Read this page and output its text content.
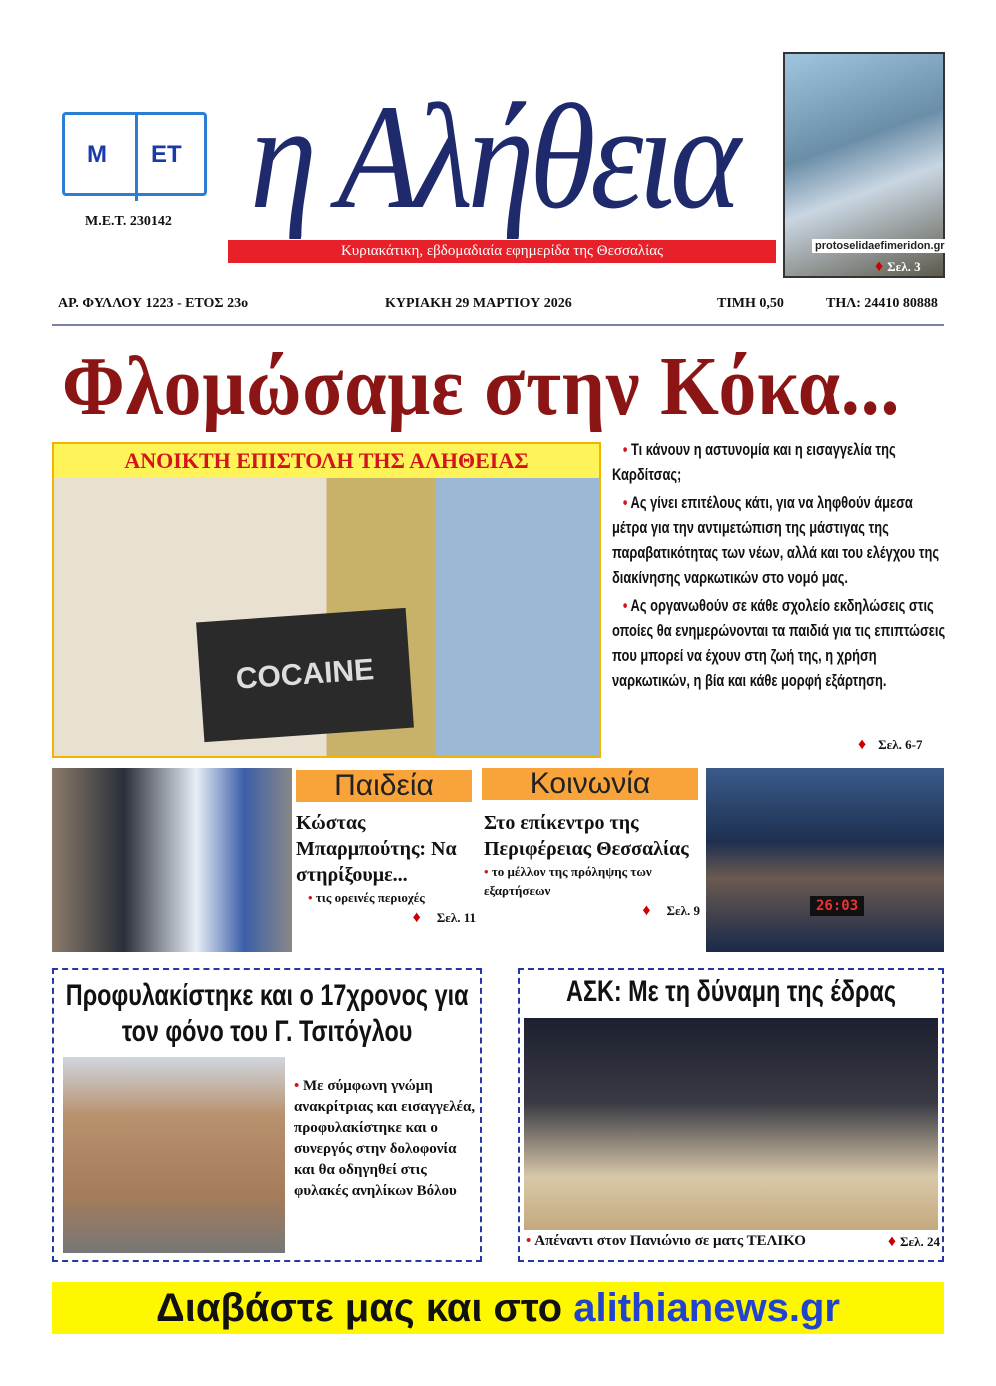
Μ ΕΤ
Μ.Ε.Τ. 230142 η Αλήθεια
Κυριακάτικη, εβδομαδιαία εφημερίδα της Θεσσαλίας	protoselidaefimeridon.gr
♦ Σελ. 3
ΑΡ. ΦΥΛΛΟΥ 1223 - ΕΤΟΣ 23ο	ΚΥΡΙΑΚΗ 29 ΜΑΡΤΙΟΥ 2026	ΤΙΜΗ 0,50	ΤΗΛ: 24410 80888
Φλομώσαμε στην Κόκα...
ΑΝΟΙΚΤΗ ΕΠΙΣΤΟΛΗ ΤΗΣ ΑΛΗΘΕΙΑΣ
COCAINE

• Τι κάνουν η αστυνομία και η εισαγγελία της Καρδίτσας;

• Ας γίνει επιτέλους κάτι, για να ληφθούν άμεσα μέτρα για την αντιμετώπιση της μάστιγας της παραβατικότητας των νέων, αλλά και του ελέγχου της διακίνησης ναρκωτικών στο νομό μας.

• Ας οργανωθούν σε κάθε σχολείο εκδηλώσεις στις οποίες θα ενημερώνονται τα παιδιά για τις επιπτώσεις που μπορεί να έχουν στη ζωή της, η χρήση ναρκωτικών, η βία και κάθε μορφή εξάρτηση.

♦ Σελ. 6-7
Παιδεία
Κώστας Μπαρμπούτης: Να στηρίξουμε...
• τις ορεινές περιοχές
♦ Σελ. 11
Κοινωνία
Στο επίκεντρο της Περιφέρειας Θεσσαλίας
• το μέλλον της πρόληψης των εξαρτήσεων
♦ Σελ. 9	26:03
Προφυλακίστηκε και ο 17χρονος για τον φόνο του Γ. Τσιτόγλου
• Με σύμφωνη γνώμη ανακρίτριας και εισαγγελέα, προφυλακίστηκε και ο συνεργός στην δολοφονία και θα οδηγηθεί στις φυλακές ανηλίκων Βόλου
ΑΣΚ: Με τη δύναμη της έδρας
• Απέναντι στον Πανιώνιο σε ματς ΤΕΛΙΚΟ	♦ Σελ. 24
Διαβάστε μας και στο alithianews.gr
